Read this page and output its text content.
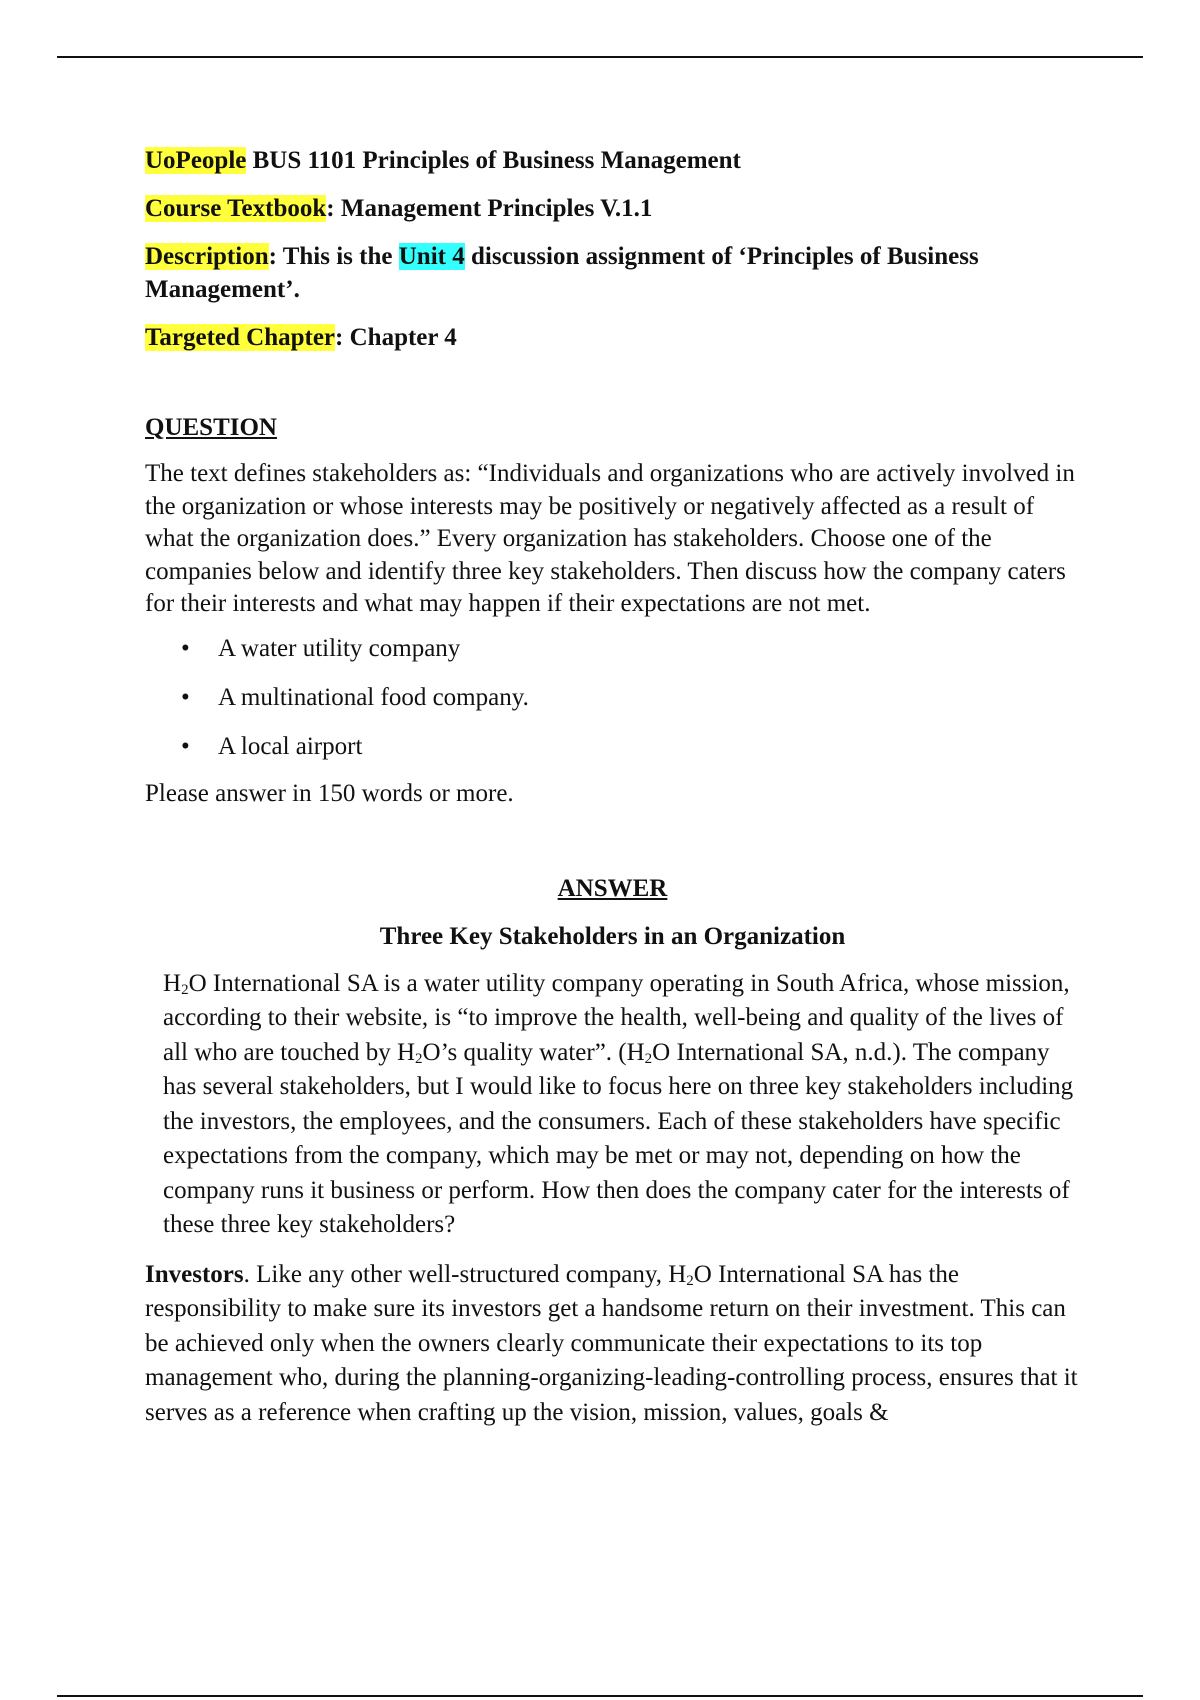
UoPeople BUS 1101 Principles of Business Management

Course Textbook: Management Principles V.1.1

Description: This is the Unit 4 discussion assignment of ‘Principles of Business Management’.

Targeted Chapter: Chapter 4

QUESTION

The text defines stakeholders as: “Individuals and organizations who are actively involved in the organization or whose interests may be positively or negatively affected as a result of what the organization does.” Every organization has stakeholders. Choose one of the companies below and identify three key stakeholders. Then discuss how the company caters for their interests and what may happen if their expectations are not met.

• A water utility company
• A multinational food company.
• A local airport

Please answer in 150 words or more.

ANSWER

Three Key Stakeholders in an Organization

$H_2O$ International SA is a water utility company operating in South Africa, whose mission, according to their website, is “to improve the health, well-being and quality of the lives of all who are touched by $H_2O’s$ quality water”. ($H_2O$ International SA, n.d.). The company has several stakeholders, but I would like to focus here on three key stakeholders including the investors, the employees, and the consumers. Each of these stakeholders have specific expectations from the company, which may be met or may not, depending on how the company runs it business or perform. How then does the company cater for the interests of these three key stakeholders?

Investors. Like any other well-structured company, $H_2O$ International SA has the responsibility to make sure its investors get a handsome return on their investment. This can be achieved only when the owners clearly communicate their expectations to its top management who, during the planning-organizing-leading-controlling process, ensures that it serves as a reference when crafting up the vision, mission, values, goals &
